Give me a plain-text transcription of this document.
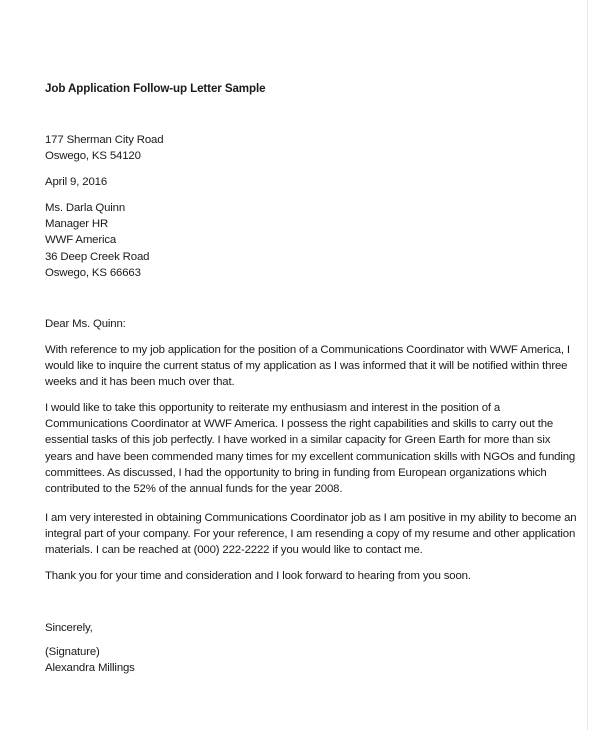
Job Application Follow-up Letter Sample
177 Sherman City Road
Oswego, KS 54120
April 9, 2016
Ms. Darla Quinn
Manager HR
WWF America
36 Deep Creek Road
Oswego, KS 66663
Dear Ms. Quinn:
With reference to my job application for the position of a Communications Coordinator with WWF America, I
would like to inquire the current status of my application as I was informed that it will be notified within three
weeks and it has been much over that.
I would like to take this opportunity to reiterate my enthusiasm and interest in the position of a
Communications Coordinator at WWF America. I possess the right capabilities and skills to carry out the
essential tasks of this job perfectly. I have worked in a similar capacity for Green Earth for more than six
years and have been commended many times for my excellent communication skills with NGOs and funding
committees. As discussed, I had the opportunity to bring in funding from European organizations which
contributed to the 52% of the annual funds for the year 2008.
I am very interested in obtaining Communications Coordinator job as I am positive in my ability to become an
integral part of your company. For your reference, I am resending a copy of my resume and other application
materials. I can be reached at (000) 222-2222 if you would like to contact me.
Thank you for your time and consideration and I look forward to hearing from you soon.
Sincerely,
(Signature)
Alexandra Millings
